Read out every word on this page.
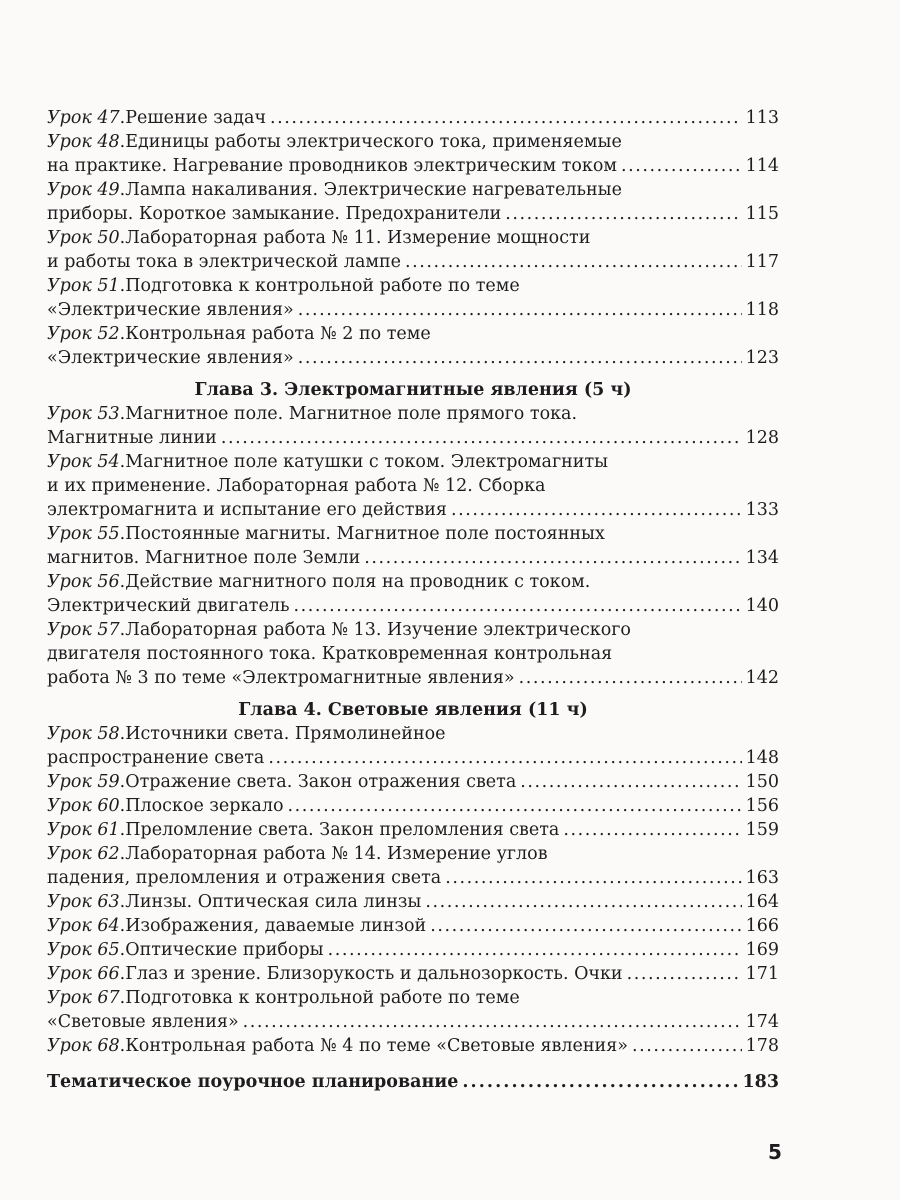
Урок 47 . Решение задач . . .	113
Урок 48 . Единицы работы электрического тока, применяемые
на практике. Нагревание проводников электрическим током . . .	114
Урок 49 . Лампа накаливания. Электрические нагревательные
приборы. Короткое замыкание. Предохранители . . .	115
Урок 50 . Лабораторная работа № 11. Измерение мощности
и работы тока в электрической лампе . . .	117
Урок 51 . Подготовка к контрольной работе по теме
«Электрические явления» . . .	118
Урок 52 . Контрольная работа № 2 по теме
«Электрические явления» . . .	123
Глава 3. Электромагнитные явления (5 ч)
Урок 53 . Магнитное поле. Магнитное поле прямого тока.
Магнитные линии . . .	128
Урок 54 . Магнитное поле катушки с током. Электромагниты
и их применение. Лабораторная работа № 12. Сборка
электромагнита и испытание его действия . . .	133
Урок 55 . Постоянные магниты. Магнитное поле постоянных
магнитов. Магнитное поле Земли . . .	134
Урок 56 . Действие магнитного поля на проводник с током.
Электрический двигатель . . .	140
Урок 57 . Лабораторная работа № 13. Изучение электрического
двигателя постоянного тока. Кратковременная контрольная
работа № 3 по теме «Электромагнитные явления» . . .	142
Глава 4. Световые явления (11 ч)
Урок 58 . Источники света. Прямолинейное
распространение света . . .	148
Урок 59 . Отражение света. Закон отражения света . . .	150
Урок 60 . Плоское зеркало . . .	156
Урок 61 . Преломление света. Закон преломления света . . .	159
Урок 62 . Лабораторная работа № 14. Измерение углов
падения, преломления и отражения света . . .	163
Урок 63 . Линзы. Оптическая сила линзы . . .	164
Урок 64 . Изображения, даваемые линзой . . .	166
Урок 65 . Оптические приборы . . .	169
Урок 66 . Глаз и зрение. Близорукость и дальнозоркость. Очки . . .	171
Урок 67 . Подготовка к контрольной работе по теме
«Световые явления» . . .	174
Урок 68 . Контрольная работа № 4 по теме «Световые явления» . . .	178
Тематическое поурочное планирование . . .	183
5
